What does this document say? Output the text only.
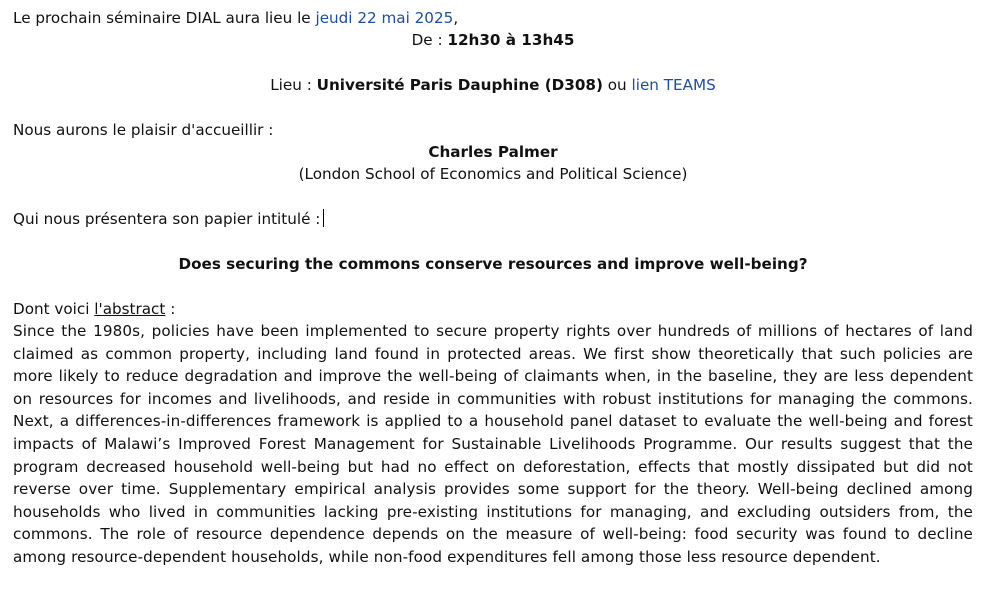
Le prochain séminaire DIAL aura lieu le jeudi 22 mai 2025,
De : 12h30 à 13h45
Lieu : Université Paris Dauphine (D308) ou lien TEAMS
Nous aurons le plaisir d'accueillir :
Charles Palmer
(London School of Economics and Political Science)
Qui nous présentera son papier intitulé :
Does securing the commons conserve resources and improve well-being?
Dont voici l'abstract :
Since the 1980s, policies have been implemented to secure property rights over hundreds of millions of hectares of land claimed as common property, including land found in protected areas. We first show theoretically that such policies are more likely to reduce degradation and improve the well-being of claimants when, in the baseline, they are less dependent on resources for incomes and livelihoods, and reside in communities with robust institutions for managing the commons. Next, a differences-in-differences framework is applied to a household panel dataset to evaluate the well-being and forest impacts of Malawi’s Improved Forest Management for Sustainable Livelihoods Programme. Our results suggest that the program decreased household well-being but had no effect on deforestation, effects that mostly dissipated but did not reverse over time. Supplementary empirical analysis provides some support for the theory. Well-being declined among households who lived in communities lacking pre-existing institutions for managing, and excluding outsiders from, the commons. The role of resource dependence depends on the measure of well-being: food security was found to decline among resource-dependent households, while non-food expenditures fell among those less resource dependent.
